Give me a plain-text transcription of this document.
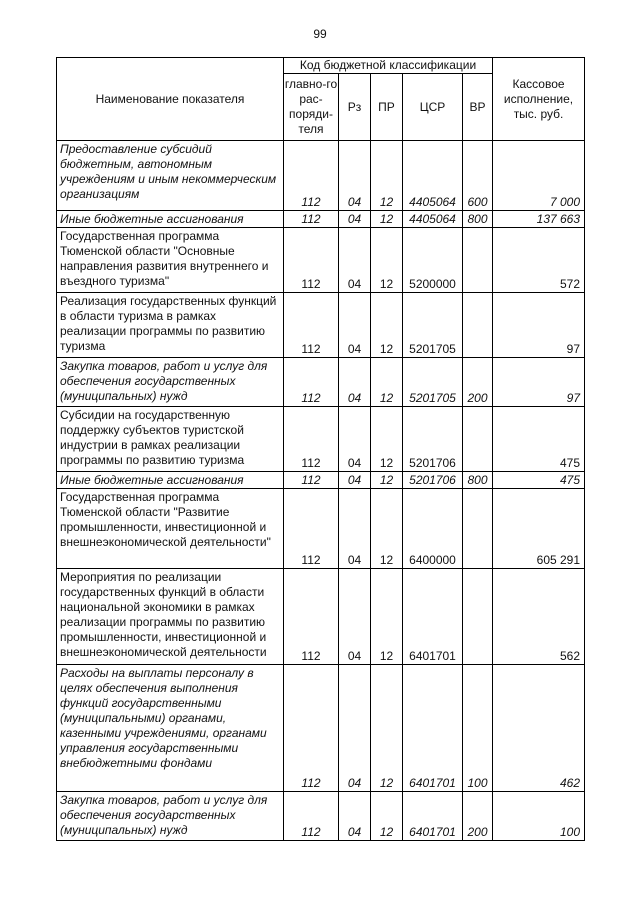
99
Наименование показателя	Код бюджетной классификации					Кассовое исполнение, тыс. руб.
	главно-го рас-поряди-теля	Рз	ПР	ЦСР	ВР	
Предоставление субсидий бюджетным, автономным учреждениям и иным некоммерческим организациям	112	04	12	4405064	600	7 000
Иные бюджетные ассигнования	112	04	12	4405064	800	137 663
Государственная программа Тюменской области "Основные направления развития внутреннего и въездного туризма"	112	04	12	5200000		572
Реализация государственных функций в области туризма в рамках реализации программы по развитию туризма	112	04	12	5201705		97
Закупка товаров, работ и услуг для обеспечения государственных (муниципальных) нужд	112	04	12	5201705	200	97
Субсидии на государственную поддержку субъектов туристской индустрии в рамках реализации программы по развитию туризма	112	04	12	5201706		475
Иные бюджетные ассигнования	112	04	12	5201706	800	475
Государственная программа Тюменской области "Развитие промышленности, инвестиционной и внешнеэкономической деятельности"	112	04	12	6400000		605 291
Мероприятия по реализации государственных функций в области национальной экономики в рамках реализации программы по развитию промышленности, инвестиционной и внешнеэкономической деятельности	112	04	12	6401701		562
Расходы на выплаты персоналу в целях обеспечения выполнения функций государственными (муниципальными) органами, казенными учреждениями, органами управления государственными внебюджетными фондами	112	04	12	6401701	100	462
Закупка товаров, работ и услуг для обеспечения государственных (муниципальных) нужд	112	04	12	6401701	200	100
